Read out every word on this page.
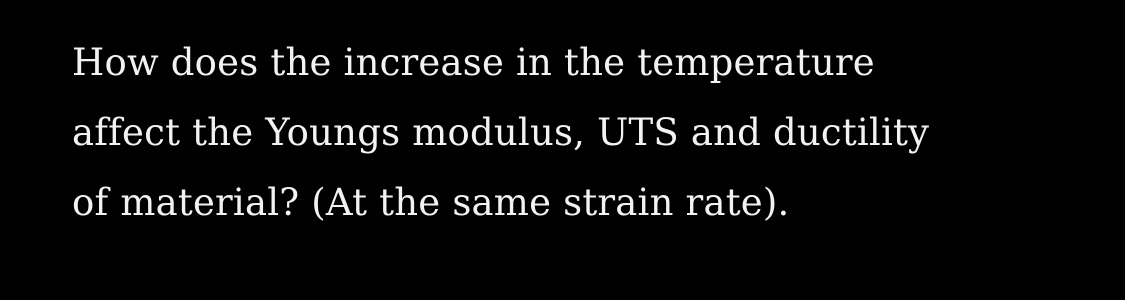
How does the increase in the temperature
affect the Youngs modulus, UTS and ductility
of material? (At the same strain rate).
